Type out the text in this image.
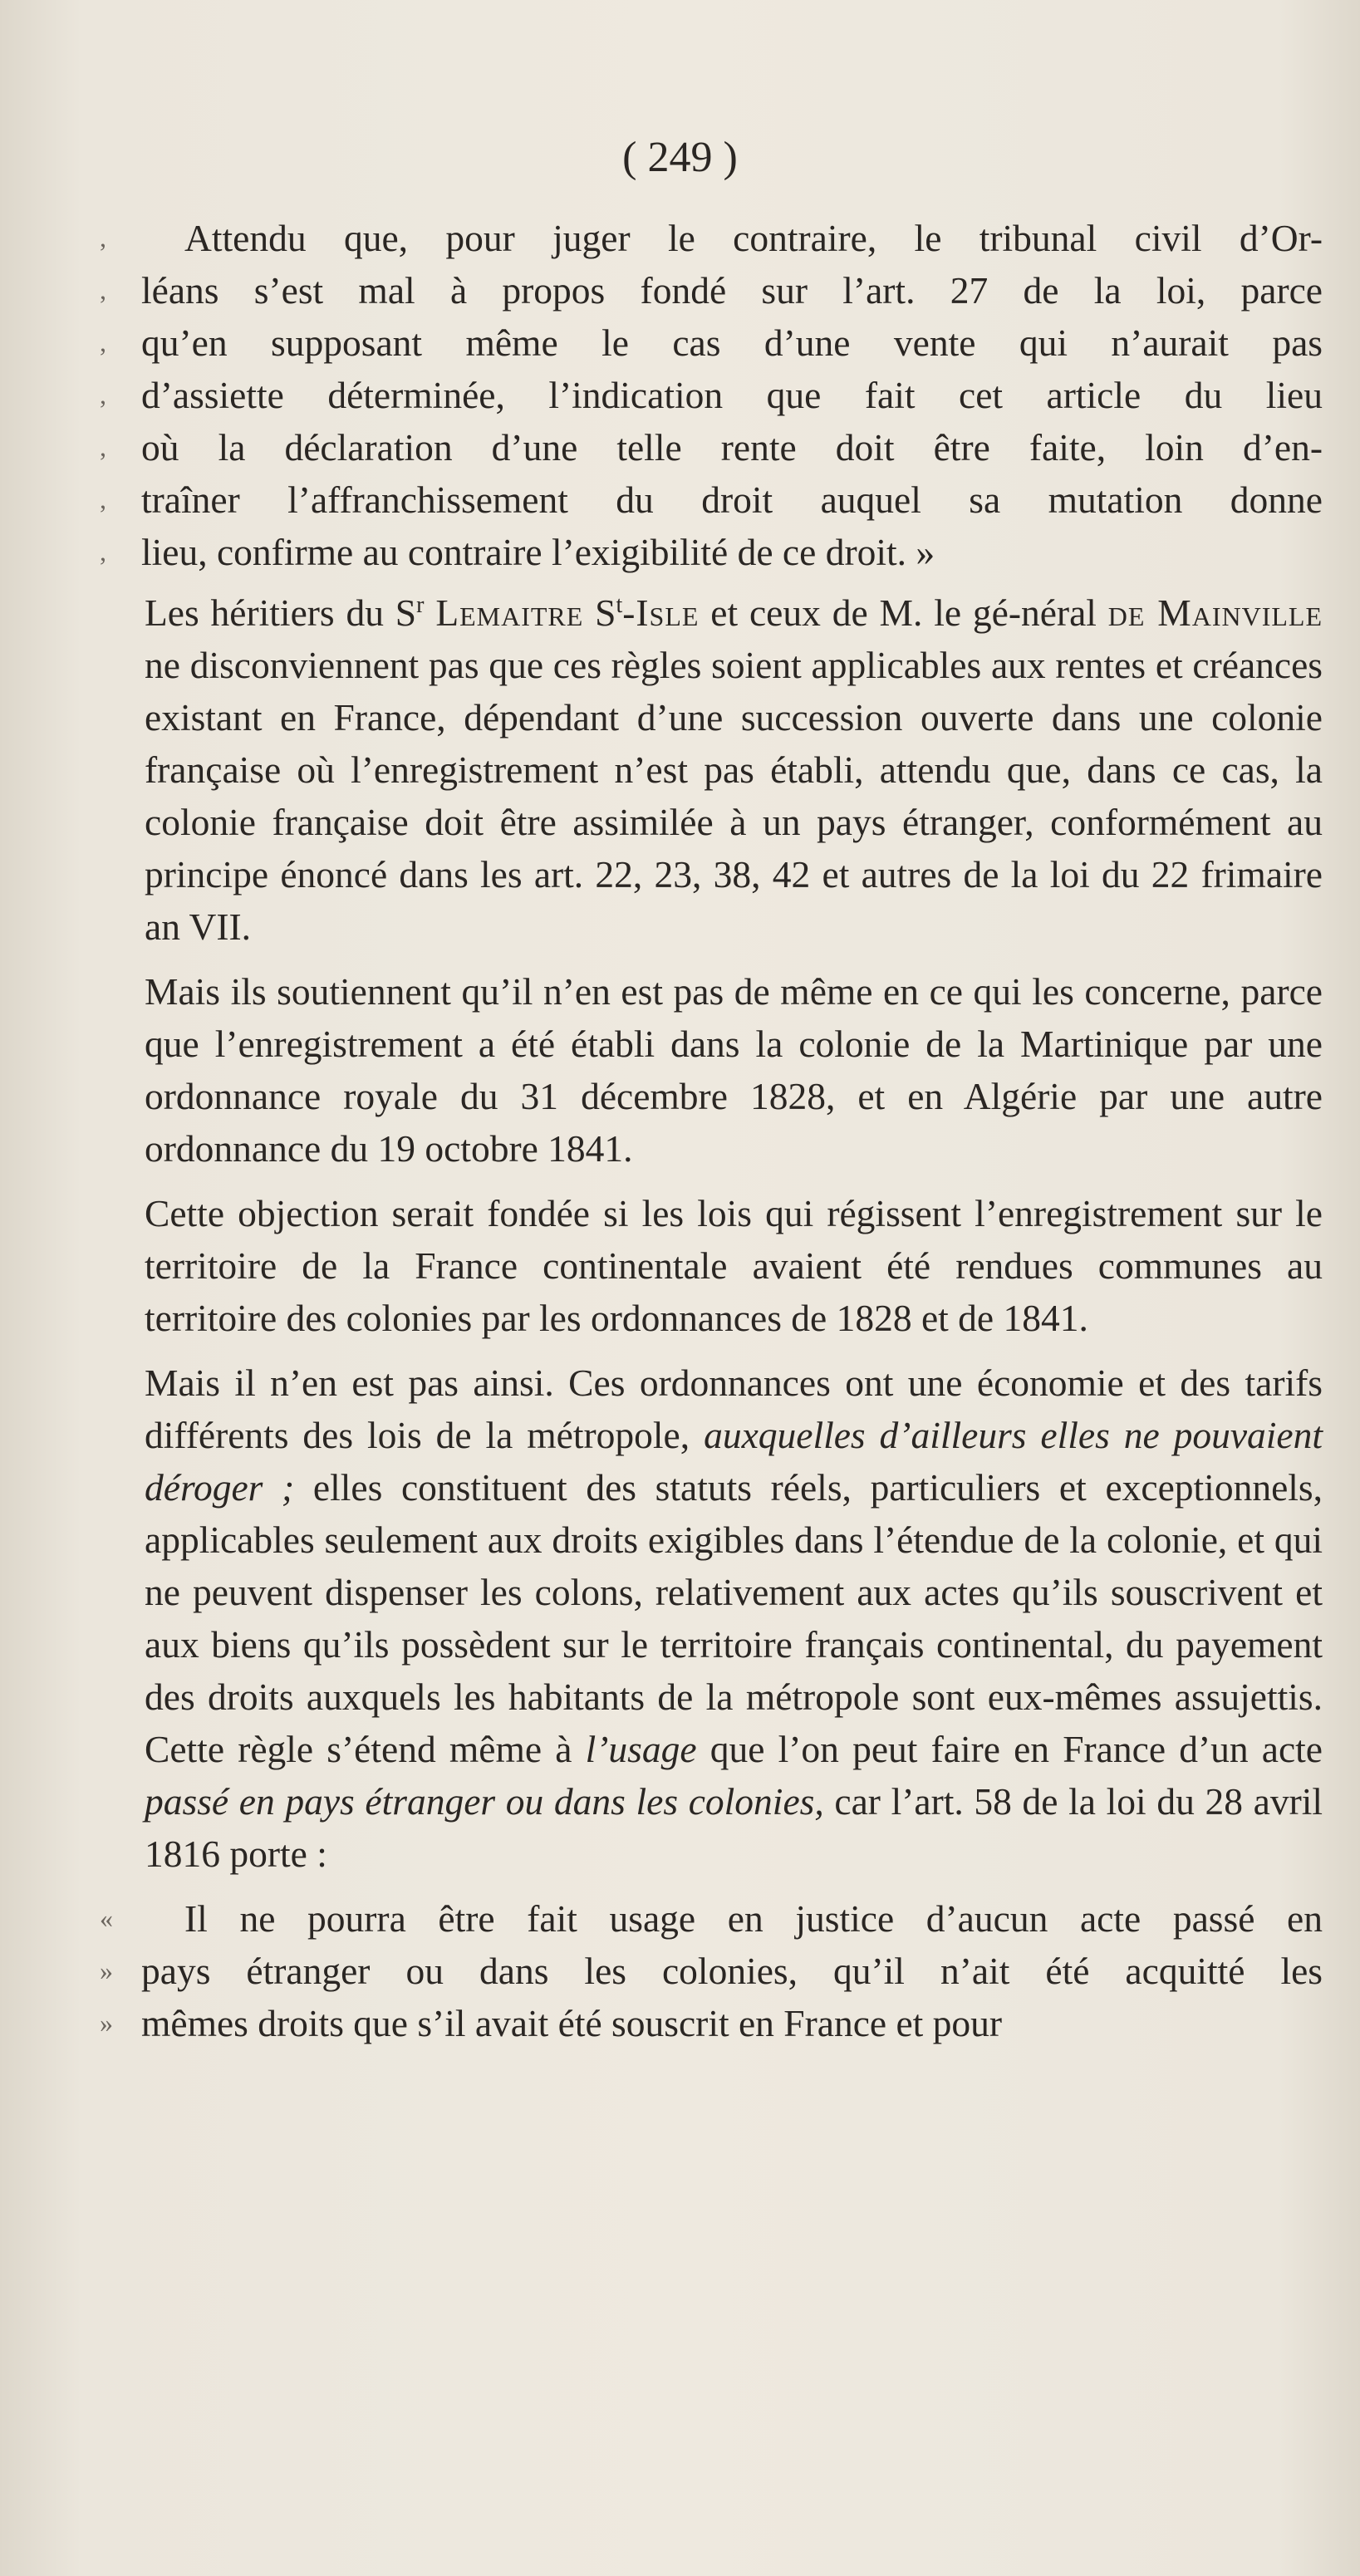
( 249 )

, Attendu que, pour juger le contraire, le tribunal civil d’Or-
, léans s’est mal à propos fondé sur l’art. 27 de la loi, parce
, qu’en supposant même le cas d’une vente qui n’aurait pas
, d’assiette déterminée, l’indication que fait cet article du lieu
, où la déclaration d’une telle rente doit être faite, loin d’en-
, traîner l’affranchissement du droit auquel sa mutation donne
, lieu, confirme au contraire l’exigibilité de ce droit. »

Les héritiers du $S^r$ Lemaitre $S^t$-Isle et ceux de M. le gé-néral de Mainville ne disconviennent pas que ces règles soient applicables aux rentes et créances existant en France, dépendant d’une succession ouverte dans une colonie française où l’enregistrement n’est pas établi, attendu que, dans ce cas, la colonie française doit être assimilée à un pays étranger, conformément au principe énoncé dans les art. 22, 23, 38, 42 et autres de la loi du 22 frimaire an VII.

Mais ils soutiennent qu’il n’en est pas de même en ce qui les concerne, parce que l’enregistrement a été établi dans la colonie de la Martinique par une ordonnance royale du 31 décembre 1828, et en Algérie par une autre ordonnance du 19 octobre 1841.

Cette objection serait fondée si les lois qui régissent l’enregistrement sur le territoire de la France continentale avaient été rendues communes au territoire des colonies par les ordonnances de 1828 et de 1841.

Mais il n’en est pas ainsi. Ces ordonnances ont une économie et des tarifs différents des lois de la métropole, auxquelles d’ailleurs elles ne pouvaient déroger ; elles constituent des statuts réels, particuliers et exceptionnels, applicables seulement aux droits exigibles dans l’étendue de la colonie, et qui ne peuvent dispenser les colons, relativement aux actes qu’ils souscrivent et aux biens qu’ils possèdent sur le territoire français continental, du payement des droits auxquels les habitants de la métropole sont eux-mêmes assujettis. Cette règle s’étend même à l’usage que l’on peut faire en France d’un acte passé en pays étranger ou dans les colonies, car l’art. 58 de la loi du 28 avril 1816 porte :

« Il ne pourra être fait usage en justice d’aucun acte passé en
» pays étranger ou dans les colonies, qu’il n’ait été acquitté les
» mêmes droits que s’il avait été souscrit en France et pour
